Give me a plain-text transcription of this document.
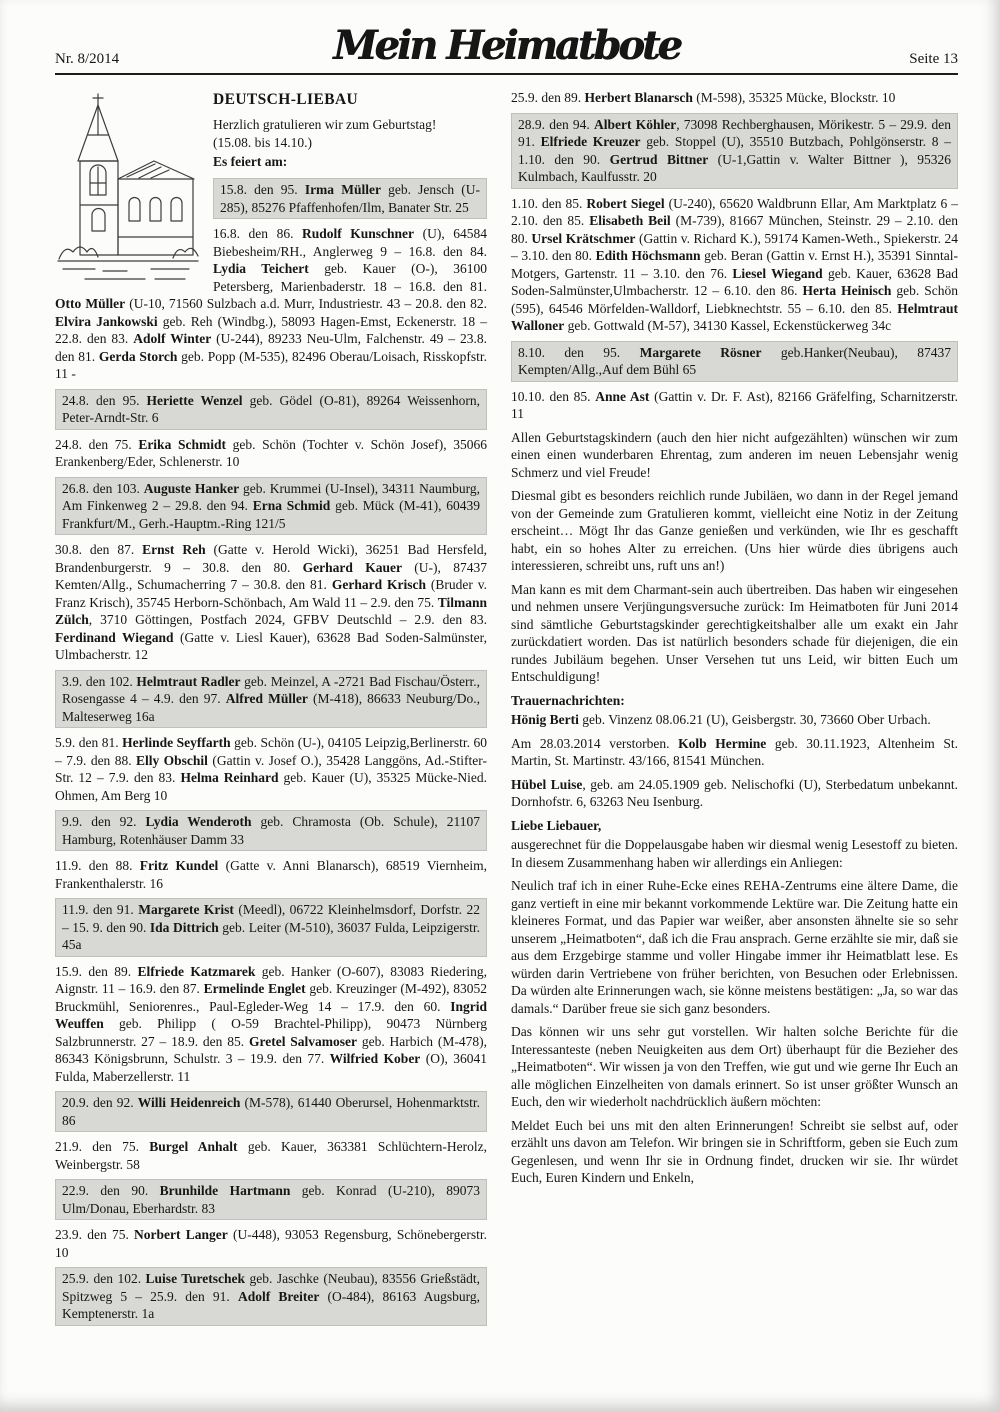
Nr. 8/2014	Mein Heimatbote	Seite 13
DEUTSCH-LIEBAU

Herzlich gratulieren wir zum Geburtstag!
(15.08. bis 14.10.)

Es feiert am:

15.8. den 95. Irma Müller geb. Jensch (U-285), 85276 Pfaffenhofen/Ilm, Banater Str. 25

16.8. den 86. Rudolf Kunschner (U), 64584 Biebesheim/RH., Anglerweg 9 – 16.8. den 84. Lydia Teichert geb. Kauer (O-), 36100 Petersberg, Marienbaderstr. 18 – 16.8. den 81. Otto Müller (U-10, 71560 Sulzbach a.d. Murr, Industriestr. 43 – 20.8. den 82. Elvira Jankowski geb. Reh (Windbg.), 58093 Hagen-Emst, Eckenerstr. 18 – 22.8. den 83. Adolf Winter (U-244), 89233 Neu-Ulm, Falchenstr. 49 – 23.8. den 81. Gerda Storch geb. Popp (M-535), 82496 Oberau/Loisach, Risskopfstr. 11 -

24.8. den 95. Heriette Wenzel geb. Gödel (O-81), 89264 Weissenhorn, Peter-Arndt-Str. 6

24.8. den 75. Erika Schmidt geb. Schön (Tochter v. Schön Josef), 35066 Erankenberg/Eder, Schlenerstr. 10

26.8. den 103. Auguste Hanker geb. Krummei (U-Insel), 34311 Naumburg, Am Finkenweg 2 – 29.8. den 94. Erna Schmid geb. Mück (M-41), 60439 Frankfurt/M., Gerh.-Hauptm.-Ring 121/5

30.8. den 87. Ernst Reh (Gatte v. Herold Wicki), 36251 Bad Hersfeld, Brandenburgerstr. 9 – 30.8. den 80. Gerhard Kauer (U-), 87437 Kemten/Allg., Schumacherring 7 – 30.8. den 81. Gerhard Krisch (Bruder v. Franz Krisch), 35745 Herborn-Schönbach, Am Wald 11 – 2.9. den 75. Tilmann Zülch, 3710 Göttingen, Postfach 2024, GFBV Deutschld – 2.9. den 83. Ferdinand Wiegand (Gatte v. Liesl Kauer), 63628 Bad Soden-Salmünster, Ulmbacherstr. 12

3.9. den 102. Helmtraut Radler geb. Meinzel, A -2721 Bad Fischau/Österr., Rosengasse 4 – 4.9. den 97. Alfred Müller (M-418), 86633 Neuburg/Do., Malteserweg 16a

5.9. den 81. Herlinde Seyffarth geb. Schön (U-), 04105 Leipzig,Berlinerstr. 60 – 7.9. den 88. Elly Obschil (Gattin v. Josef O.), 35428 Langgöns, Ad.-Stifter-Str. 12 – 7.9. den 83. Helma Reinhard geb. Kauer (U), 35325 Mücke-Nied. Ohmen, Am Berg 10

9.9. den 92. Lydia Wenderoth geb. Chramosta (Ob. Schule), 21107 Hamburg, Rotenhäuser Damm 33

11.9. den 88. Fritz Kundel (Gatte v. Anni Blanarsch), 68519 Viernheim, Frankenthalerstr. 16

11.9. den 91. Margarete Krist (Meedl), 06722 Kleinhelmsdorf, Dorfstr. 22 – 15. 9. den 90. Ida Dittrich geb. Leiter (M-510), 36037 Fulda, Leipzigerstr. 45a

15.9. den 89. Elfriede Katzmarek geb. Hanker (O-607), 83083 Riedering, Aignstr. 11 – 16.9. den 87. Ermelinde Englet geb. Kreuzinger (M-492), 83052 Bruckmühl, Seniorenres., Paul-Egleder-Weg 14 – 17.9. den 60. Ingrid Weuffen geb. Philipp ( O-59 Brachtel-Philipp), 90473 Nürnberg Salzbrunnerstr. 27 – 18.9. den 85. Gretel Salvamoser geb. Harbich (M-478), 86343 Königsbrunn, Schulstr. 3 – 19.9. den 77. Wilfried Kober (O), 36041 Fulda, Maberzellerstr. 11

20.9. den 92. Willi Heidenreich (M-578), 61440 Oberursel, Hohenmarktstr. 86

21.9. den 75. Burgel Anhalt geb. Kauer, 363381 Schlüchtern-Herolz, Weinbergstr. 58

22.9. den 90. Brunhilde Hartmann geb. Konrad (U-210), 89073 Ulm/Donau, Eberhardstr. 83

23.9. den 75. Norbert Langer (U-448), 93053 Regensburg, Schönebergerstr. 10

25.9. den 102. Luise Turetschek geb. Jaschke (Neubau), 83556 Grießstädt, Spitzweg 5 – 25.9. den 91. Adolf Breiter (O-484), 86163 Augsburg, Kemptenerstr. 1a

25.9. den 89. Herbert Blanarsch (M-598), 35325 Mücke, Blockstr. 10

28.9. den 94. Albert Köhler, 73098 Rechberghausen, Mörikestr. 5 – 29.9. den 91. Elfriede Kreuzer geb. Stoppel (U), 35510 Butzbach, Pohlgönserstr. 8 – 1.10. den 90. Gertrud Bittner (U-1,Gattin v. Walter Bittner ), 95326 Kulmbach, Kaulfusstr. 20

1.10. den 85. Robert Siegel (U-240), 65620 Waldbrunn Ellar, Am Marktplatz 6 – 2.10. den 85. Elisabeth Beil (M-739), 81667 München, Steinstr. 29 – 2.10. den 80. Ursel Krätschmer (Gattin v. Richard K.), 59174 Kamen-Weth., Spiekerstr. 24 – 3.10. den 80. Edith Höchsmann geb. Beran (Gattin v. Ernst H.), 35391 Sinntal-Motgers, Gartenstr. 11 – 3.10. den 76. Liesel Wiegand geb. Kauer, 63628 Bad Soden-Salmünster,Ulmbacherstr. 12 – 6.10. den 86. Herta Heinisch geb. Schön (595), 64546 Mörfelden-Walldorf, Liebknechtstr. 55 – 6.10. den 85. Helmtraut Walloner geb. Gottwald (M-57), 34130 Kassel, Eckenstückerweg 34c

8.10. den 95. Margarete Rösner geb.Hanker(Neubau), 87437 Kempten/Allg.,Auf dem Bühl 65

10.10. den 85. Anne Ast (Gattin v. Dr. F. Ast), 82166 Gräfelfing, Scharnitzerstr. 11

Allen Geburtstagskindern (auch den hier nicht aufgezählten) wünschen wir zum einen einen wunderbaren Ehrentag, zum anderen im neuen Lebensjahr wenig Schmerz und viel Freude!

Diesmal gibt es besonders reichlich runde Jubiläen, wo dann in der Regel jemand von der Gemeinde zum Gratulieren kommt, vielleicht eine Notiz in der Zeitung erscheint… Mögt Ihr das Ganze genießen und verkünden, wie Ihr es geschafft habt, ein so hohes Alter zu erreichen. (Uns hier würde dies übrigens auch interessieren, schreibt uns, ruft uns an!)

Man kann es mit dem Charmant-sein auch übertreiben. Das haben wir eingesehen und nehmen unsere Verjüngungsversuche zurück: Im Heimatboten für Juni 2014 sind sämtliche Geburtstagskinder gerechtigkeitshalber alle um exakt ein Jahr zurückdatiert worden. Das ist natürlich besonders schade für diejenigen, die ein rundes Jubiläum begehen. Unser Versehen tut uns Leid, wir bitten Euch um Entschuldigung!

Trauernachrichten:

Hönig Berti geb. Vinzenz 08.06.21 (U), Geisbergstr. 30, 73660 Ober Urbach.

Am 28.03.2014 verstorben. Kolb Hermine geb. 30.11.1923, Altenheim St. Martin, St. Martinstr. 43/166, 81541 München.

Hübel Luise, geb. am 24.05.1909 geb. Nelischofki (U), Sterbedatum unbekannt. Dornhofstr. 6, 63263 Neu Isenburg.

Liebe Liebauer,

ausgerechnet für die Doppelausgabe haben wir diesmal wenig Lesestoff zu bieten. In diesem Zusammenhang haben wir allerdings ein Anliegen:

Neulich traf ich in einer Ruhe-Ecke eines REHA-Zentrums eine ältere Dame, die ganz vertieft in eine mir bekannt vorkommende Lektüre war. Die Zeitung hatte ein kleineres Format, und das Papier war weißer, aber ansonsten ähnelte sie so sehr unserem „Heimatboten“, daß ich die Frau ansprach. Gerne erzählte sie mir, daß sie aus dem Erzgebirge stamme und voller Hingabe immer ihr Heimatblatt lese. Es würden darin Vertriebene von früher berichten, von Besuchen oder Erlebnissen. Da würden alte Erinnerungen wach, sie könne meistens bestätigen: „Ja, so war das damals.“ Darüber freue sie sich ganz besonders.

Das können wir uns sehr gut vorstellen. Wir halten solche Berichte für die Interessanteste (neben Neuigkeiten aus dem Ort) überhaupt für die Bezieher des „Heimatboten“. Wir wissen ja von den Treffen, wie gut und wie gerne Ihr Euch an alle möglichen Einzelheiten von damals erinnert. So ist unser größter Wunsch an Euch, den wir wiederholt nachdrücklich äußern möchten:

Meldet Euch bei uns mit den alten Erinnerungen! Schreibt sie selbst auf, oder erzählt uns davon am Telefon. Wir bringen sie in Schriftform, geben sie Euch zum Gegenlesen, und wenn Ihr sie in Ordnung findet, drucken wir sie. Ihr würdet Euch, Euren Kindern und Enkeln,
